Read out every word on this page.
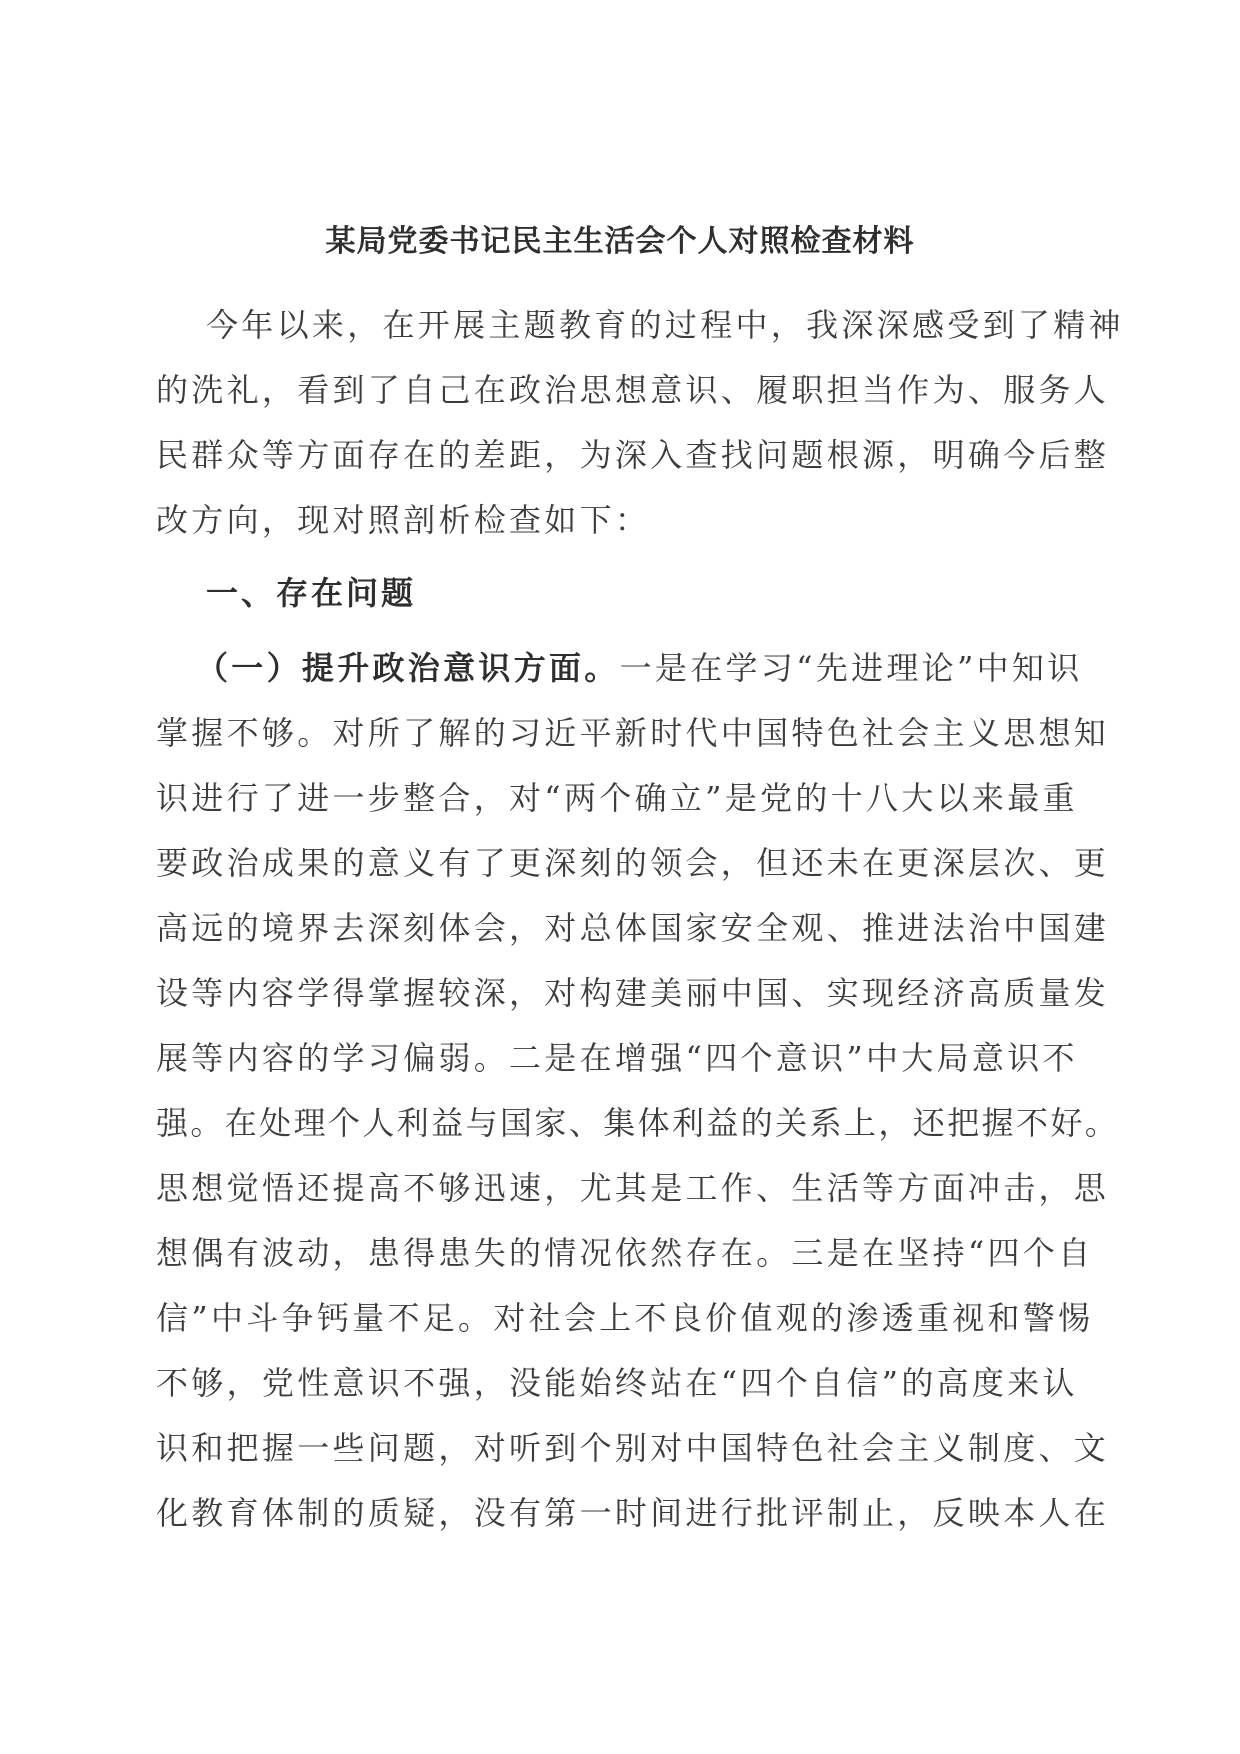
某局党委书记民主生活会个人对照检查材料
今年以来，在开展主题教育的过程中，我深深感受到了精神
的洗礼，看到了自己在政治思想意识、履职担当作为、服务人
民群众等方面存在的差距，为深入查找问题根源，明确今后整
改方向，现对照剖析检查如下：
一、存在问题
（一）提升政治意识方面。一是在学习“先进理论”中知识
掌握不够。对所了解的习近平新时代中国特色社会主义思想知
识进行了进一步整合，对“两个确立”是党的十八大以来最重
要政治成果的意义有了更深刻的领会，但还未在更深层次、更
高远的境界去深刻体会，对总体国家安全观、推进法治中国建
设等内容学得掌握较深，对构建美丽中国、实现经济高质量发
展等内容的学习偏弱。二是在增强“四个意识”中大局意识不
强。在处理个人利益与国家、集体利益的关系上，还把握不好。
思想觉悟还提高不够迅速，尤其是工作、生活等方面冲击，思
想偶有波动，患得患失的情况依然存在。三是在坚持“四个自
信”中斗争钙量不足。对社会上不良价值观的渗透重视和警惕
不够，党性意识不强，没能始终站在“四个自信”的高度来认
识和把握一些问题，对听到个别对中国特色社会主义制度、文
化教育体制的质疑，没有第一时间进行批评制止，反映本人在
